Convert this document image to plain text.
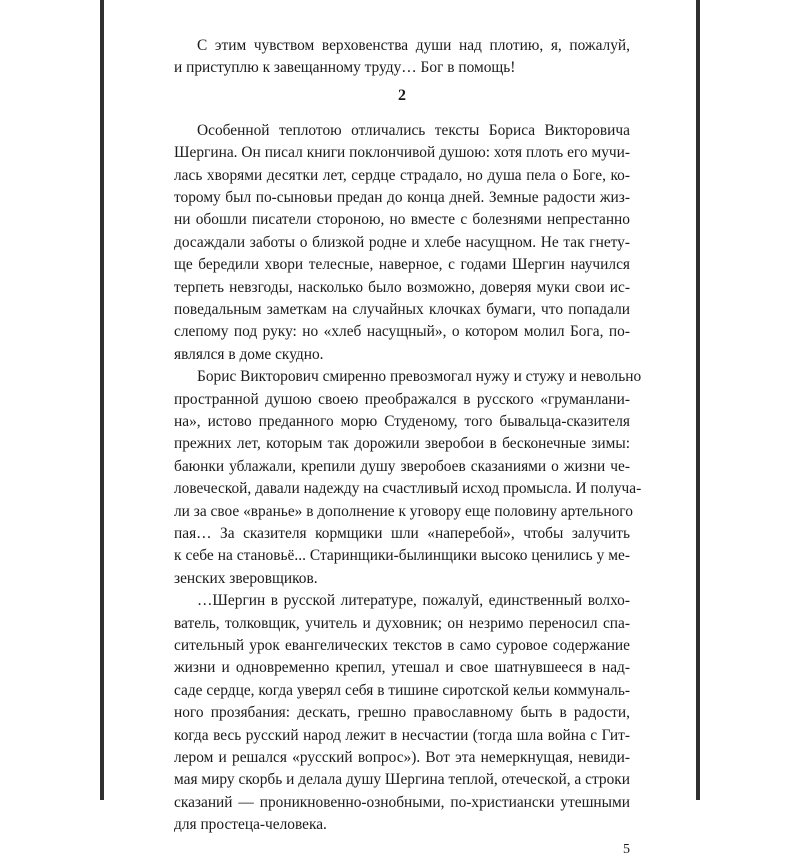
С этим чувством верховенства души над плотию, я, пожалуй,
и приступлю к завещанному труду… Бог в помощь!
2
Особенной теплотою отличались тексты Бориса Викторовича
Шергина. Он писал книги поклончивой душою: хотя плоть его мучи-
лась хворями десятки лет, сердце страдало, но душа пела о Боге, ко-
торому был по-сыновьи предан до конца дней. Земные радости жиз-
ни обошли писатели стороною, но вместе с болезнями непрестанно
досаждали заботы о близкой родне и хлебе насущном. Не так гнету-
ще бередили хвори телесные, наверное, с годами Шергин научился
терпеть невзгоды, насколько было возможно, доверяя муки свои ис-
поведальным заметкам на случайных клочках бумаги, что попадали
слепому под руку: но «хлеб насущный», о котором молил Бога, по-
являлся в доме скудно.
Борис Викторович смиренно превозмогал нужу и стужу и невольно
пространной душою своею преображался в русского «груманлани-
на», истово преданного морю Студеному, того бывальца-сказителя
прежних лет, которым так дорожили зверобои в бесконечные зимы:
баюнки ублажали, крепили душу зверобоев сказаниями о жизни че-
ловеческой, давали надежду на счастливый исход промысла. И получа-
ли за свое «вранье» в дополнение к уговору еще половину артельного
пая… За сказителя кормщики шли «наперебой», чтобы залучить
к себе на становьё... Старинщики-былинщики высоко ценились у ме-
зенских зверовщиков.
…Шергин в русской литературе, пожалуй, единственный волхо-
ватель, толковщик, учитель и духовник; он незримо переносил спа-
сительный урок евангелических текстов в само суровое содержание
жизни и одновременно крепил, утешал и свое шатнувшееся в над-
саде сердце, когда уверял себя в тишине сиротской кельи коммуналь-
ного прозябания: дескать, грешно православному быть в радости,
когда весь русский народ лежит в несчастии (тогда шла война с Гит-
лером и решался «русский вопрос»). Вот эта немеркнущая, невиди-
мая миру скорбь и делала душу Шергина теплой, отеческой, а строки
сказаний — проникновенно-ознобными, по-христиански утешными
для простеца-человека.
5
